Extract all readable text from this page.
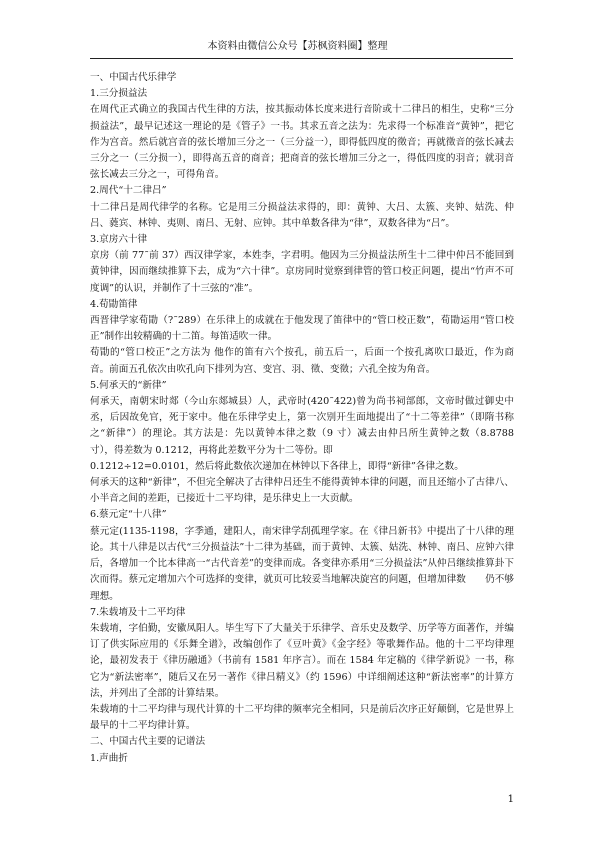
本资料由微信公众号【苏枫资料圈】整理
一、中国古代乐律学
1.三分损益法

在周代正式确立的我国古代生律的方法，按其振动体长度来进行音阶或十二律吕的相生，史称“三分损益法”，最早记述这一理论的是《管子》一书。其求五音之法为：先求得一个标准音“黄钟”，把它作为宫音。然后就宫音的弦长增加三分之一（三分益一），即得低四度的徵音；再就徵音的弦长减去三分之一（三分损一），即得高五音的商音；把商音的弦长增加三分之一，得低四度的羽音；就羽音弦长减去三分之一，可得角音。

2.周代“十二律吕”

十二律吕是周代律学的名称。它是用三分损益法求得的，即：黄钟、大吕、太簇、夹钟、姑洗、仲吕、蕤宾、林钟、夷则、南吕、无射、应钟。其中单数各律为“律”，双数各律为“吕”。

3.京房六十律

京房（前 77˜前 37）西汉律学家，本姓李，字君明。他因为三分损益法所生十二律中仲吕不能回到黄钟律，因而继续推算下去，成为“六十律”。京房同时觉察到律管的管口校正问题，提出“竹声不可度调”的认识，并制作了十三弦的“准”。

4.荀勖笛律

西晋律学家荀勖（?˜289）在乐律上的成就在于他发现了笛律中的“管口校正数”，荀勖运用“管口校正”制作出较精确的十二笛。每笛适吹一律。

荀勖的“管口校正”之方法为 他作的笛有六个按孔，前五后一，后面一个按孔离吹口最近，作为商音。前面五孔依次由吹孔向下排列为宫、变宫、羽、徵、变徵；六孔全按为角音。

5.何承天的“新律”

何承天，南朝宋时郯（今山东郯城县）人，武帝时(420˜422)曾为尚书祠部郎，文帝时做过御史中丞，后因故免官，死于家中。他在乐律学史上，第一次别开生面地提出了“十二等差律”（即隋书称之“新律”）的理论。其方法是：先以黄钟本律之数（9 寸）减去由仲吕所生黄钟之数（8.8788 寸），得差数为 0.1212，再将此差数平分为十二等份。即

0.1212÷12=0.0101，然后将此数依次递加在林钟以下各律上，即得“新律”各律之数。

何承天的这种“新律”，不但完全解决了古律仲吕还生不能得黄钟本律的问题，而且还缩小了古律八、小半音之间的差距，已接近十二平均律，是乐律史上一大贡献。

6.蔡元定“十八律”

蔡元定(1135-1198，字季通，建阳人，南宋律学刮孤理学家。在《律吕新书》中提出了十八律的理论。其十八律是以古代“三分损益法”十二律为基础，而于黄钟、太簇、姑洗、林钟、南吕、应钟六律后，各增加一个比本律高一“古代音差”的变律而成。各变律亦系用“三分损益法”从仲吕继续推算卦下次而得。蔡元定增加六个可选择的变律，就页可比较妥当地解决旋宫的问题，但增加律数　　仍不够理想。

7.朱载堉及十二平均律

朱载堉，字伯勤，安徽凤阳人。毕生写下了大量关于乐律学、音乐史及数学、历学等方面著作，并编订了供实际应用的《乐舞全谱》，改编创作了《豆叶黄》《金字经》等歌舞作品。他的十二平均律理论，最初发表于《律历融通》（书前有 1581 年序言）。而在 1584 年定稿的《律学新说》一书，称它为“新法密率”，随后又在另一著作《律吕精义》（约 1596）中详细阐述这种“新法密率”的计算方法，并列出了全部的计算结果。

朱载堉的十二平均律与现代计算的十二平均律的频率完全相同，只是前后次序正好颠倒，它是世界上最早的十二平均律计算。

二、中国古代主要的记谱法
1.声曲折
1
